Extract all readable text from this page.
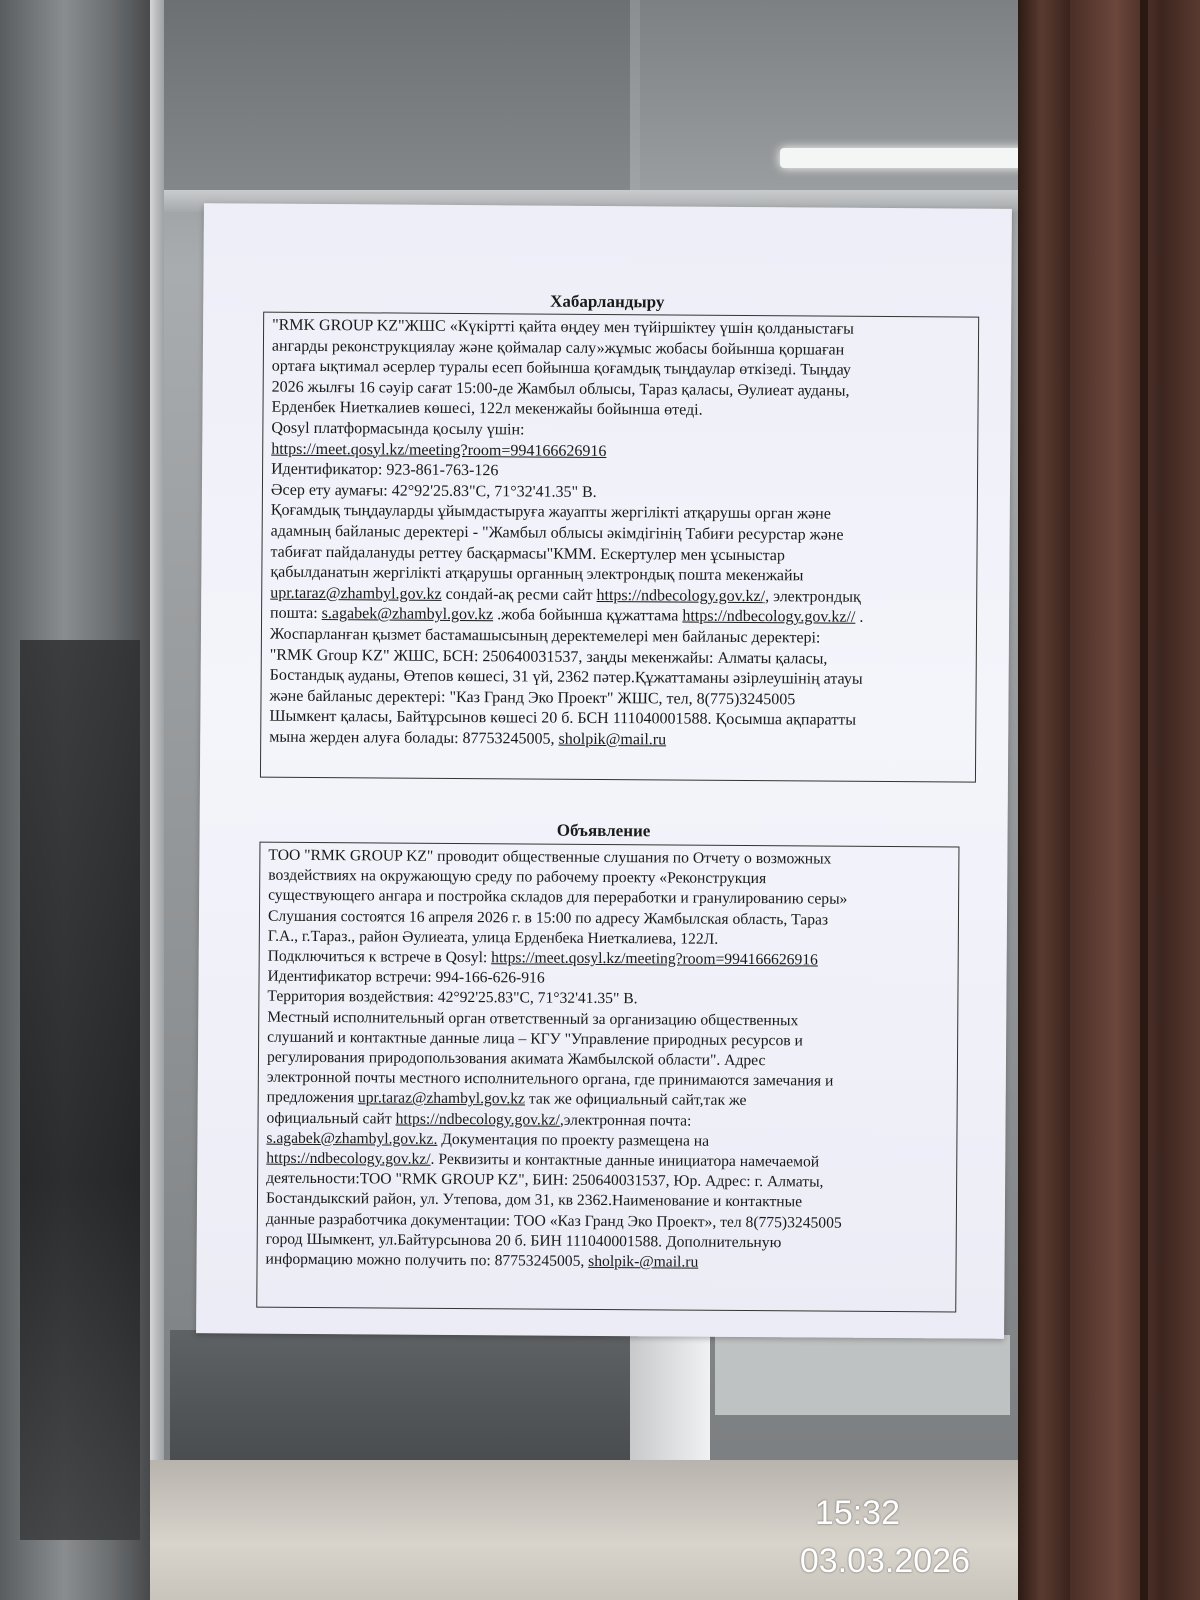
Хабарландыру

"RMK GROUP KZ"ЖШС «Күкіртті қайта өңдеу мен түйіршіктеу үшін қолданыстағы

ангарды реконструкциялау және қоймалар салу»жұмыс жобасы бойынша қоршаған

ортаға ықтимал әсерлер туралы есеп бойынша қоғамдық тыңдаулар өткізеді. Тыңдау

2026 жылғы 16 сәуір сағат 15:00-де Жамбыл облысы, Тараз қаласы, Әулиеат ауданы,

Ерденбек Ниеткалиев көшесі, 122л мекенжайы бойынша өтеді.

Qosyl платформасында қосылу үшін:

https://meet.qosyl.kz/meeting?room=994166626916

Идентификатор: 923-861-763-126

Әсер ету аумағы: 42°92'25.83"С, 71°32'41.35" В.

Қоғамдық тыңдауларды ұйымдастыруға жауапты жергілікті атқарушы орган және

адамның байланыс деректері - "Жамбыл облысы әкімдігінің Табиғи ресурстар және

табиғат пайдалануды реттеу басқармасы"КММ. Ескертулер мен ұсыныстар

қабылданатын жергілікті атқарушы органның электрондық пошта мекенжайы

upr.taraz@zhambyl.gov.kz сондай-ақ ресми сайт https://ndbecology.gov.kz/, электрондық

пошта: s.agabek@zhambyl.gov.kz .жоба бойынша құжаттама https://ndbecology.gov.kz// .

Жоспарланған қызмет бастамашысының деректемелері мен байланыс деректері:

"RMK Group KZ" ЖШС, БСН: 250640031537, заңды мекенжайы: Алматы қаласы,

Бостандық ауданы, Өтепов көшесі, 31 үй, 2362 пәтер.Құжаттаманы әзірлеушінің атауы

және байланыс деректері: "Каз Гранд Эко Проект" ЖШС, тел, 8(775)3245005

Шымкент қаласы, Байтұрсынов көшесі 20 б. БСН 111040001588. Қосымша ақпаратты

мына жерден алуға болады: 87753245005, sholpik@mail.ru

Объявление

ТОО "RMK GROUP KZ" проводит общественные слушания по Отчету о возможных

воздействиях на окружающую среду по рабочему проекту «Реконструкция

существующего ангара и постройка складов для переработки и гранулированию серы»

Слушания состоятся 16 апреля 2026 г. в 15:00 по адресу Жамбылская область, Тараз

Г.А., г.Тараз., район Әулиеата, улица Ерденбека Ниеткалиева, 122Л.

Подключиться к встрече в Qosyl: https://meet.qosyl.kz/meeting?room=994166626916

Идентификатор встречи: 994-166-626-916

Территория воздействия: 42°92'25.83"С, 71°32'41.35" В.

Местный исполнительный орган ответственный за организацию общественных

слушаний и контактные данные лица – КГУ "Управление природных ресурсов и

регулирования природопользования акимата Жамбылской области". Адрес

электронной почты местного исполнительного органа, где принимаются замечания и

предложения upr.taraz@zhambyl.gov.kz так же официальный сайт,так же

официальный сайт https://ndbecology.gov.kz/,электронная почта:

s.agabek@zhambyl.gov.kz. Документация по проекту размещена на

https://ndbecology.gov.kz/. Реквизиты и контактные данные инициатора намечаемой

деятельности:ТОО "RMK GROUP KZ", БИН: 250640031537, Юр. Адрес: г. Алматы,

Бостандыкский район, ул. Утепова, дом 31, кв 2362.Наименование и контактные

данные разработчика документации: ТОО «Каз Гранд Эко Проект», тел 8(775)3245005

город Шымкент, ул.Байтурсынова 20 б. БИН 111040001588. Дополнительную

информацию можно получить по: 87753245005, sholpik-@mail.ru

15:32
03.03.2026
